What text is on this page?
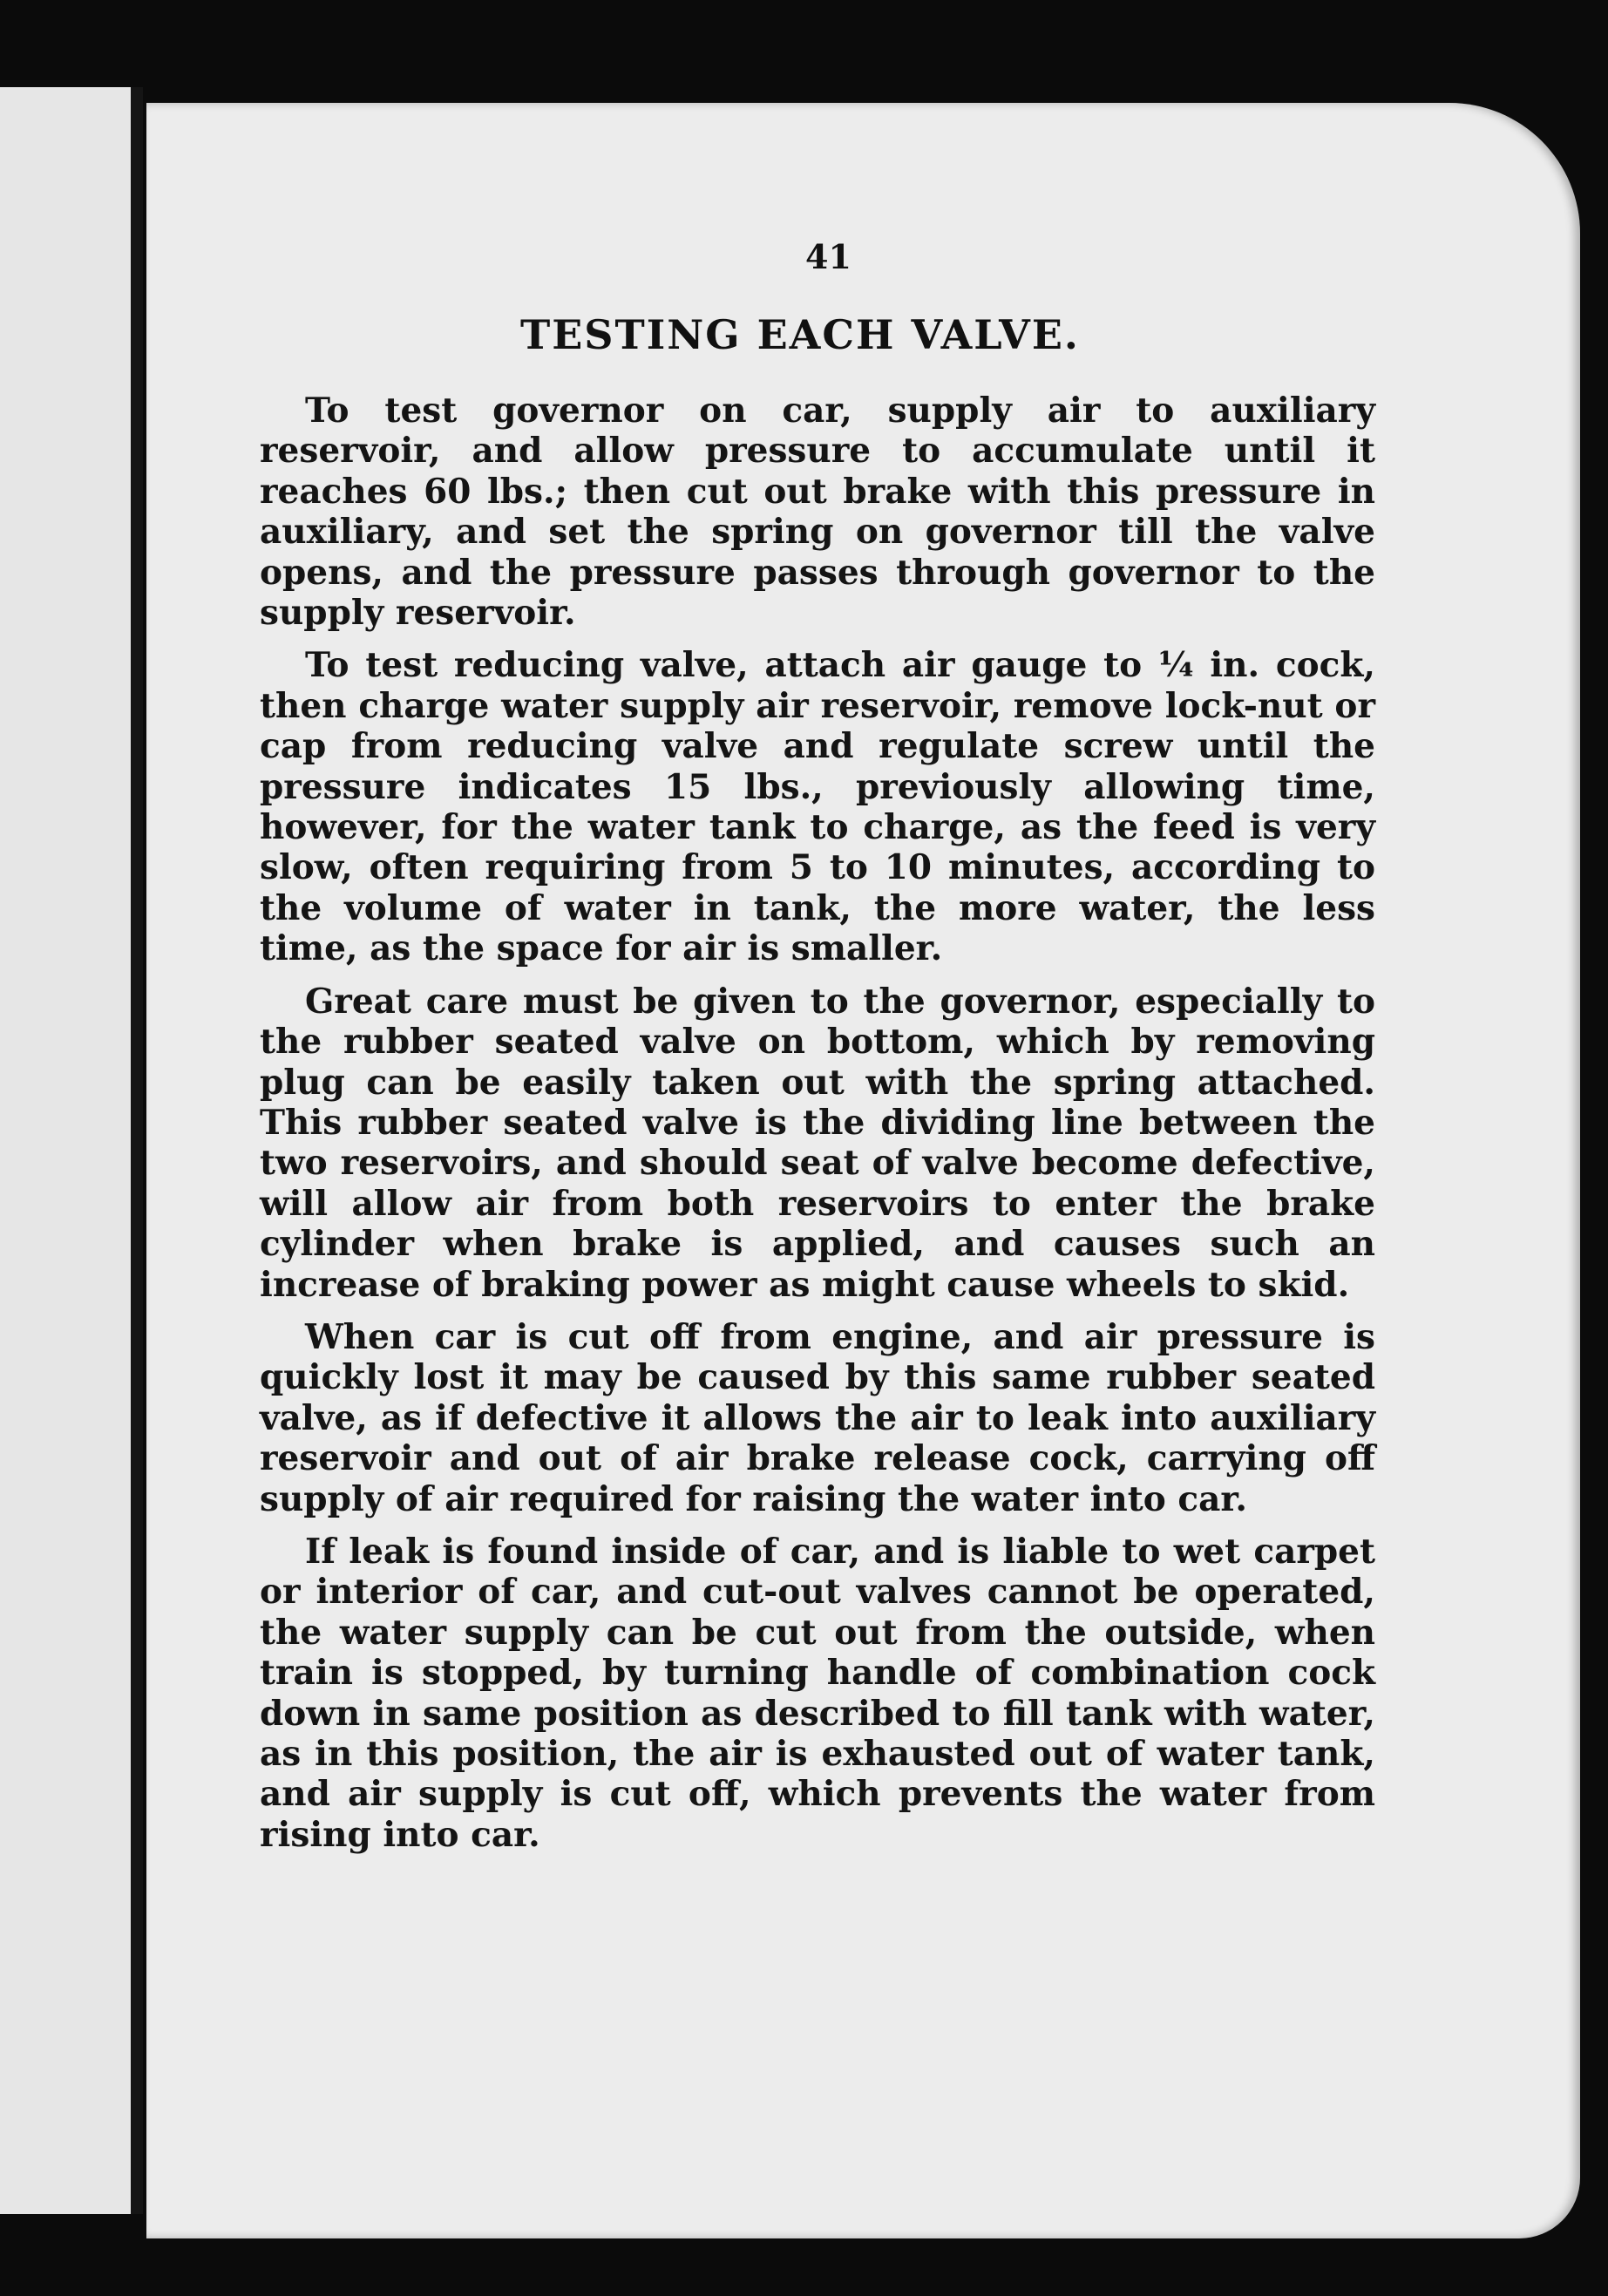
41
TESTING EACH VALVE.

To test governor on car, supply air to auxiliary reservoir, and allow pressure to accumulate until it reaches 60 lbs.; then cut out brake with this pressure in auxiliary, and set the spring on governor till the valve opens, and the pressure passes through governor to the supply reservoir.

To test reducing valve, attach air gauge to ¼ in. cock, then charge water supply air reservoir, remove lock-nut or cap from reducing valve and regulate screw until the pressure indicates 15 lbs., previously allowing time, however, for the water tank to charge, as the feed is very slow, often requiring from 5 to 10 minutes, according to the volume of water in tank, the more water, the less time, as the space for air is smaller.

Great care must be given to the governor, especially to the rubber seated valve on bottom, which by removing plug can be easily taken out with the spring attached. This rubber seated valve is the dividing line between the two reservoirs, and should seat of valve become defective, will allow air from both reservoirs to enter the brake cylinder when brake is applied, and causes such an increase of braking power as might cause wheels to skid.

When car is cut off from engine, and air pressure is quickly lost it may be caused by this same rubber seated valve, as if defective it allows the air to leak into auxiliary reservoir and out of air brake release cock, carrying off supply of air required for raising the water into car.

If leak is found inside of car, and is liable to wet carpet or interior of car, and cut-out valves cannot be operated, the water supply can be cut out from the outside, when train is stopped, by turning handle of combination cock down in same position as described to fill tank with water, as in this position, the air is exhausted out of water tank, and air supply is cut off, which prevents the water from rising into car.
